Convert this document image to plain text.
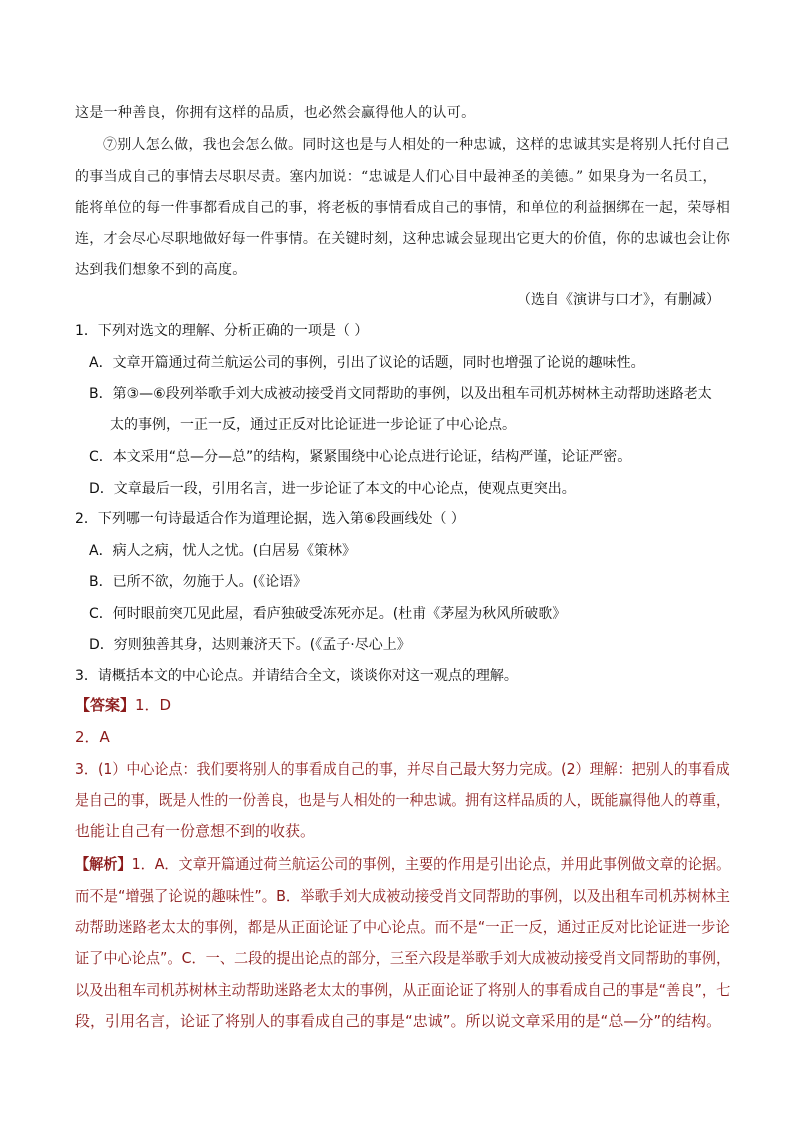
这是一种善良，你拥有这样的品质，也必然会赢得他人的认可。
⑦别人怎么做，我也会怎么做。同时这也是与人相处的一种忠诚，这样的忠诚其实是将别人托付自己
的事当成自己的事情去尽职尽责。塞内加说：“忠诚是人们心目中最神圣的美德。” 如果身为一名员工，
能将单位的每一件事都看成自己的事，将老板的事情看成自己的事情，和单位的利益捆绑在一起，荣辱相
连，才会尽心尽职地做好每一件事情。在关键时刻，这种忠诚会显现出它更大的价值，你的忠诚也会让你
达到我们想象不到的高度。
（选自《演讲与口才》，有删减）
1．下列对选文的理解、分析正确的一项是（ ）
A．文章开篇通过荷兰航运公司的事例，引出了议论的话题，同时也增强了论说的趣味性。
B．第③—⑥段列举歌手刘大成被动接受肖文同帮助的事例，以及出租车司机苏树林主动帮助迷路老太
太的事例，一正一反，通过正反对比论证进一步论证了中心论点。
C．本文采用“总—分—总”的结构，紧紧围绕中心论点进行论证，结构严谨，论证严密。
D．文章最后一段，引用名言，进一步论证了本文的中心论点，使观点更突出。
2．下列哪一句诗最适合作为道理论据，选入第⑥段画线处（ ）
A．病人之病，忧人之忧。(白居易《策林》
B．已所不欲，勿施于人。(《论语》
C．何时眼前突兀见此屋，看庐独破受冻死亦足。(杜甫《茅屋为秋风所破歌》
D．穷则独善其身，达则兼济天下。(《孟子·尽心上》
3．请概括本文的中心论点。并请结合全文，谈谈你对这一观点的理解。
【答案】1．D
2．A
3．(1）中心论点：我们要将别人的事看成自己的事，并尽自己最大努力完成。(2）理解：把别人的事看成
是自己的事，既是人性的一份善良，也是与人相处的一种忠诚。拥有这样品质的人，既能赢得他人的尊重，
也能让自己有一份意想不到的收获。
【解析】1．A．文章开篇通过荷兰航运公司的事例，主要的作用是引出论点，并用此事例做文章的论据。
而不是“增强了论说的趣味性”。B．举歌手刘大成被动接受肖文同帮助的事例，以及出租车司机苏树林主
动帮助迷路老太太的事例，都是从正面论证了中心论点。而不是“一正一反，通过正反对比论证进一步论
证了中心论点”。C．一、二段的提出论点的部分，三至六段是举歌手刘大成被动接受肖文同帮助的事例，
以及出租车司机苏树林主动帮助迷路老太太的事例，从正面论证了将别人的事看成自己的事是“善良”，七
段，引用名言，论证了将别人的事看成自己的事是“忠诚”。所以说文章采用的是“总—分”的结构。
